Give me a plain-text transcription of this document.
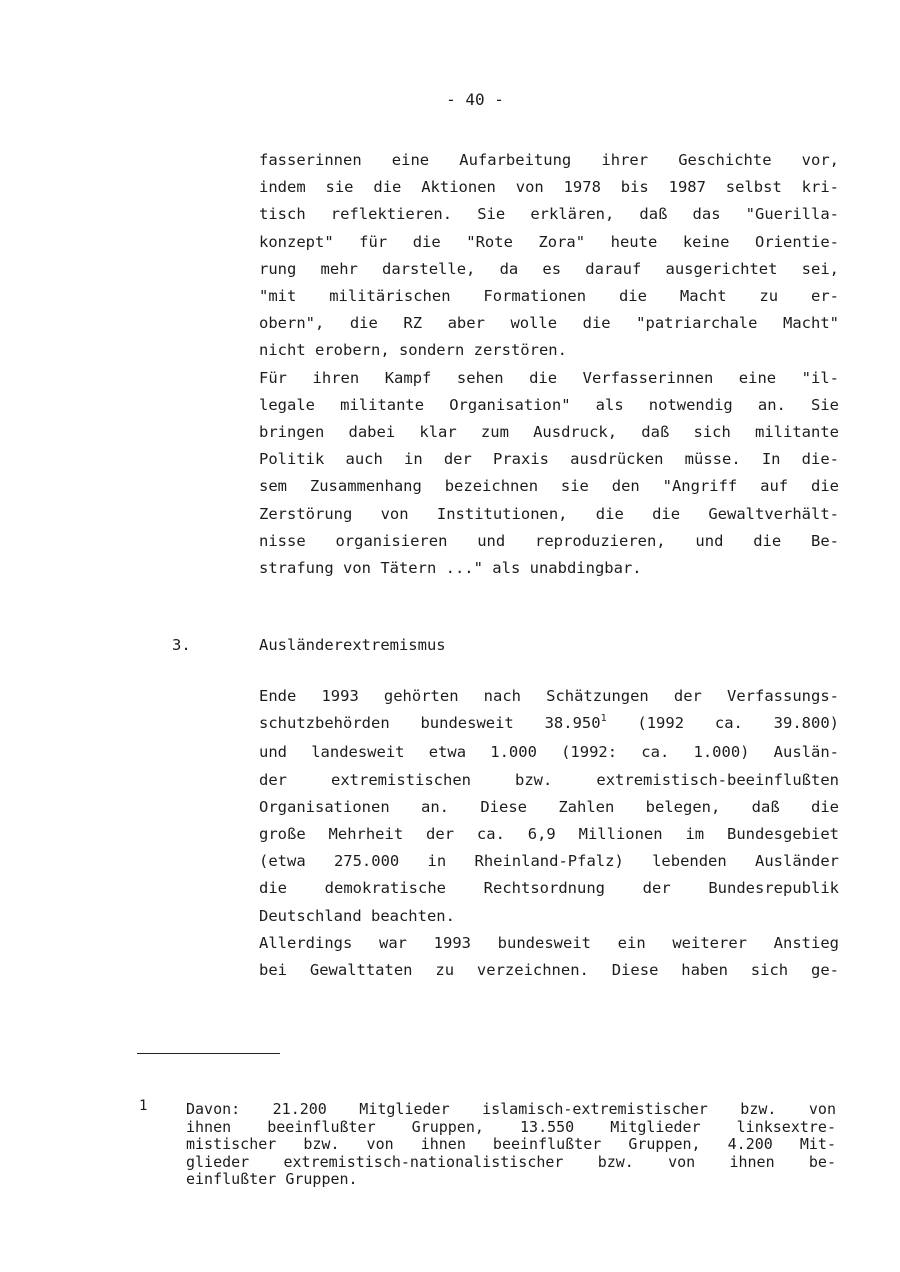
- 40 -

fasserinnen eine Aufarbeitung ihrer Geschichte vor,
indem sie die Aktionen von 1978 bis 1987 selbst kri-
tisch reflektieren. Sie erklären, daß das "Guerilla-
konzept" für die "Rote Zora" heute keine Orientie-
rung mehr darstelle, da es darauf ausgerichtet sei,
"mit militärischen Formationen die Macht zu er-
obern", die RZ aber wolle die "patriarchale Macht"
nicht erobern, sondern zerstören.
Für ihren Kampf sehen die Verfasserinnen eine "il-
legale militante Organisation" als notwendig an. Sie
bringen dabei klar zum Ausdruck, daß sich militante
Politik auch in der Praxis ausdrücken müsse. In die-
sem Zusammenhang bezeichnen sie den "Angriff auf die
Zerstörung von Institutionen, die die Gewaltverhält-
nisse organisieren und reproduzieren, und die Be-
strafung von Tätern ..." als unabdingbar.

3.	Ausländerextremismus

Ende 1993 gehörten nach Schätzungen der Verfassungs-
schutzbehörden bundesweit 38.950$^1$ (1992 ca. 39.800)
und landesweit etwa 1.000 (1992: ca. 1.000) Auslän-
der extremistischen bzw. extremistisch-beeinflußten
Organisationen an. Diese Zahlen belegen, daß die
große Mehrheit der ca. 6,9 Millionen im Bundesgebiet
(etwa 275.000 in Rheinland-Pfalz) lebenden Ausländer
die demokratische Rechtsordnung der Bundesrepublik
Deutschland beachten.
Allerdings war 1993 bundesweit ein weiterer Anstieg
bei Gewalttaten zu verzeichnen. Diese haben sich ge-

1	Davon: 21.200 Mitglieder islamisch-extremistischer bzw. von
ihnen beeinflußter Gruppen, 13.550 Mitglieder linksextre-
mistischer bzw. von ihnen beeinflußter Gruppen, 4.200 Mit-
glieder extremistisch-nationalistischer bzw. von ihnen be-
einflußter Gruppen.
